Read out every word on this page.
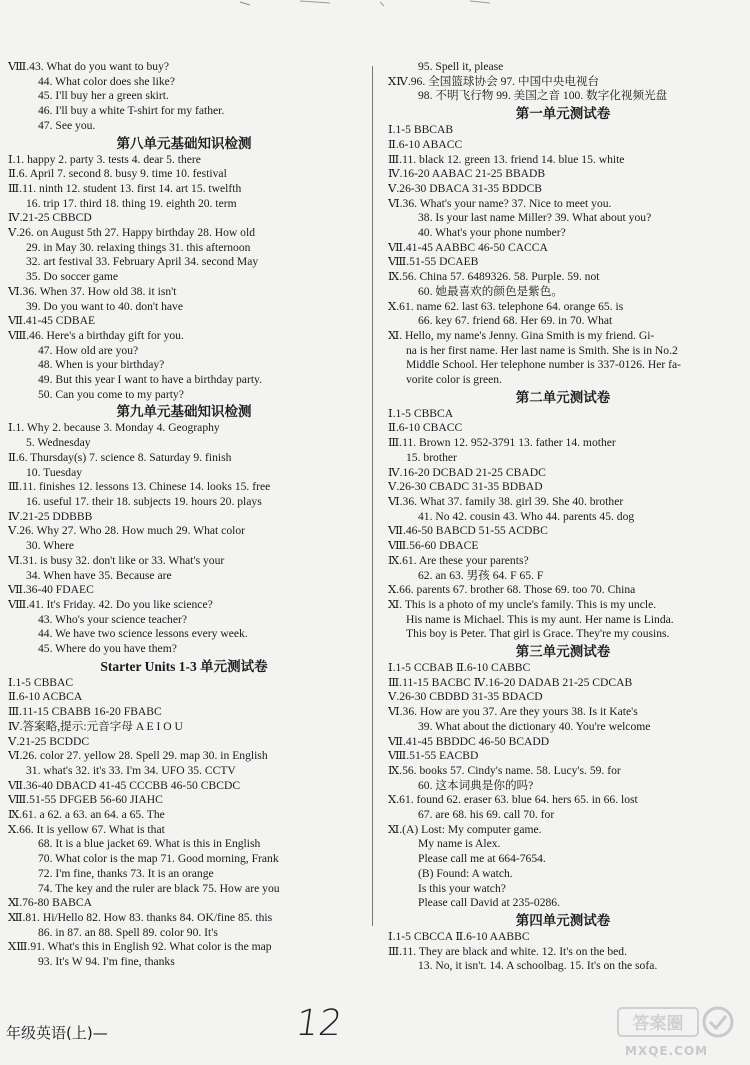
Ⅷ.43. What do you want to buy?
44. What color does she like?
45. I'll buy her a green skirt.
46. I'll buy a white T-shirt for my father.
47. See you.
第八单元基础知识检测
Ⅰ.1. happy 2. party 3. tests 4. dear 5. there
Ⅱ.6. April 7. second 8. busy 9. time 10. festival
Ⅲ.11. ninth 12. student 13. first 14. art 15. twelfth
16. trip 17. third 18. thing 19. eighth 20. term
Ⅳ.21-25 CBBCD
Ⅴ.26. on August 5th 27. Happy birthday 28. How old
29. in May 30. relaxing things 31. this afternoon
32. art festival 33. February April 34. second May
35. Do soccer game
Ⅵ.36. When 37. How old 38. it isn't
39. Do you want to 40. don't have
Ⅶ.41-45 CDBAE
Ⅷ.46. Here's a birthday gift for you.
47. How old are you?
48. When is your birthday?
49. But this year I want to have a birthday party.
50. Can you come to my party?
第九单元基础知识检测
Ⅰ.1. Why 2. because 3. Monday 4. Geography
5. Wednesday
Ⅱ.6. Thursday(s) 7. science 8. Saturday 9. finish
10. Tuesday
Ⅲ.11. finishes 12. lessons 13. Chinese 14. looks 15. free
16. useful 17. their 18. subjects 19. hours 20. plays
Ⅳ.21-25 DDBBB
Ⅴ.26. Why 27. Who 28. How much 29. What color
30. Where
Ⅵ.31. is busy 32. don't like or 33. What's your
34. When have 35. Because are
Ⅶ.36-40 FDAEC
Ⅷ.41. It's Friday. 42. Do you like science?
43. Who's your science teacher?
44. We have two science lessons every week.
45. Where do you have them?
Starter Units 1-3 单元测试卷
Ⅰ.1-5 CBBAC
Ⅱ.6-10 ACBCA
Ⅲ.11-15 CBABB 16-20 FBABC
Ⅳ.答案略,提示:元音字母 A E I O U
Ⅴ.21-25 BCDDC
Ⅵ.26. color 27. yellow 28. Spell 29. map 30. in English
31. what's 32. it's 33. I'm 34. UFO 35. CCTV
Ⅶ.36-40 DBACD 41-45 CCCBB 46-50 CBCDC
Ⅷ.51-55 DFGEB 56-60 JIAHC
Ⅸ.61. a 62. a 63. an 64. a 65. The
Ⅹ.66. It is yellow 67. What is that
68. It is a blue jacket 69. What is this in English
70. What color is the map 71. Good morning, Frank
72. I'm fine, thanks 73. It is an orange
74. The key and the ruler are black 75. How are you
Ⅺ.76-80 BABCA
Ⅻ.81. Hi/Hello 82. How 83. thanks 84. OK/fine 85. this
86. in 87. an 88. Spell 89. color 90. It's
ⅩⅢ.91. What's this in English 92. What color is the map
93. It's W 94. I'm fine, thanks
95. Spell it, please
ⅩⅣ.96. 全国篮球协会 97. 中国中央电视台
98. 不明飞行物 99. 美国之音 100. 数字化视频光盘
第一单元测试卷
Ⅰ.1-5 BBCAB
Ⅱ.6-10 ABACC
Ⅲ.11. black 12. green 13. friend 14. blue 15. white
Ⅳ.16-20 AABAC 21-25 BBADB
Ⅴ.26-30 DBACA 31-35 BDDCB
Ⅵ.36. What's your name? 37. Nice to meet you.
38. Is your last name Miller? 39. What about you?
40. What's your phone number?
Ⅶ.41-45 AABBC 46-50 CACCA
Ⅷ.51-55 DCAEB
Ⅸ.56. China 57. 6489326. 58. Purple. 59. not
60. 她最喜欢的颜色是紫色。
Ⅹ.61. name 62. last 63. telephone 64. orange 65. is
66. key 67. friend 68. Her 69. in 70. What
Ⅺ. Hello, my name's Jenny. Gina Smith is my friend. Gi-
na is her first name. Her last name is Smith. She is in No.2
Middle School. Her telephone number is 337-0126. Her fa-
vorite color is green.
第二单元测试卷
Ⅰ.1-5 CBBCA
Ⅱ.6-10 CBACC
Ⅲ.11. Brown 12. 952-3791 13. father 14. mother
15. brother
Ⅳ.16-20 DCBAD 21-25 CBADC
Ⅴ.26-30 CBADC 31-35 BDBAD
Ⅵ.36. What 37. family 38. girl 39. She 40. brother
41. No 42. cousin 43. Who 44. parents 45. dog
Ⅶ.46-50 BABCD 51-55 ACDBC
Ⅷ.56-60 DBACE
Ⅸ.61. Are these your parents?
62. an 63. 男孩 64. F 65. F
Ⅹ.66. parents 67. brother 68. Those 69. too 70. China
Ⅺ. This is a photo of my uncle's family. This is my uncle.
His name is Michael. This is my aunt. Her name is Linda.
This boy is Peter. That girl is Grace. They're my cousins.
第三单元测试卷
Ⅰ.1-5 CCBAB Ⅱ.6-10 CABBC
Ⅲ.11-15 BACBC Ⅳ.16-20 DADAB 21-25 CDCAB
Ⅴ.26-30 CBDBD 31-35 BDACD
Ⅵ.36. How are you 37. Are they yours 38. Is it Kate's
39. What about the dictionary 40. You're welcome
Ⅶ.41-45 BBDDC 46-50 BCADD
Ⅷ.51-55 EACBD
Ⅸ.56. books 57. Cindy's name. 58. Lucy's. 59. for
60. 这本词典是你的吗?
Ⅹ.61. found 62. eraser 63. blue 64. hers 65. in 66. lost
67. are 68. his 69. call 70. for
Ⅺ.(A) Lost: My computer game.
My name is Alex.
Please call me at 664-7654.
(B) Found: A watch.
Is this your watch?
Please call David at 235-0286.
第四单元测试卷
Ⅰ.1-5 CBCCA Ⅱ.6-10 AABBC
Ⅲ.11. They are black and white. 12. It's on the bed.
13. No, it isn't. 14. A schoolbag. 15. It's on the sofa.
12
年级英语(上)—	答案圈
MXQE.COM
